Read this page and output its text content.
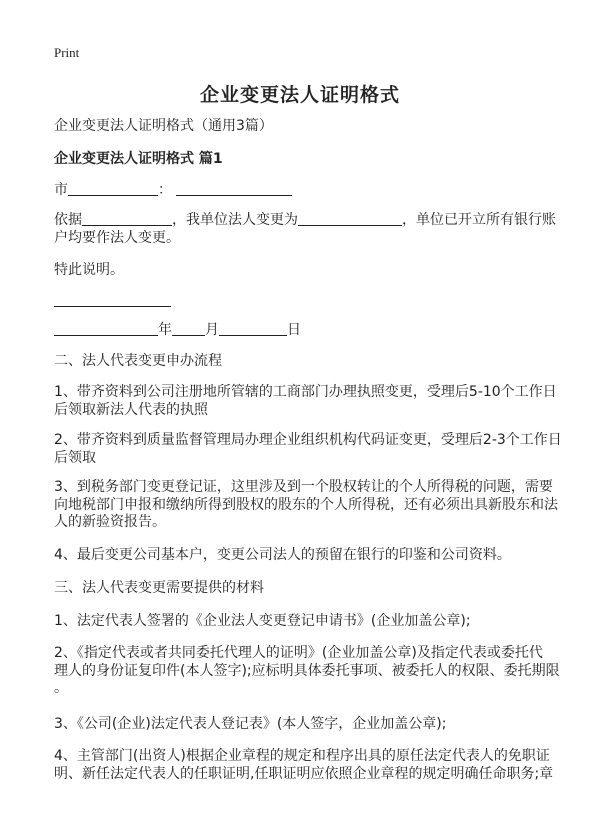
Print
企业变更法人证明格式
企业变更法人证明格式（通用3篇）
企业变更法人证明格式 篇1
市	：
依据	，我单位法人变更为	，单位已开立所有银行账
户均要作法人变更。
特此说明。
年 月	日
二、法人代表变更申办流程
1、带齐资料到公司注册地所管辖的工商部门办理执照变更，受理后5-10个工作日
后领取新法人代表的执照
2、带齐资料到质量监督管理局办理企业组织机构代码证变更，受理后2-3个工作日
后领取
3、到税务部门变更登记证，这里涉及到一个股权转让的个人所得税的问题，需要
向地税部门申报和缴纳所得到股权的股东的个人所得税，还有必须出具新股东和法
人的新验资报告。
4、最后变更公司基本户，变更公司法人的预留在银行的印鉴和公司资料。
三、法人代表变更需要提供的材料
1、法定代表人签署的《企业法人变更登记申请书》(企业加盖公章);
2、《指定代表或者共同委托代理人的证明》(企业加盖公章)及指定代表或委托代
理人的身份证复印件(本人签字);应标明具体委托事项、被委托人的权限、委托期限
。
3、《公司(企业)法定代表人登记表》(本人签字，企业加盖公章);
4、主管部门(出资人)根据企业章程的规定和程序出具的原任法定代表人的免职证
明、新任法定代表人的任职证明,任职证明应依照企业章程的规定明确任命职务;章
